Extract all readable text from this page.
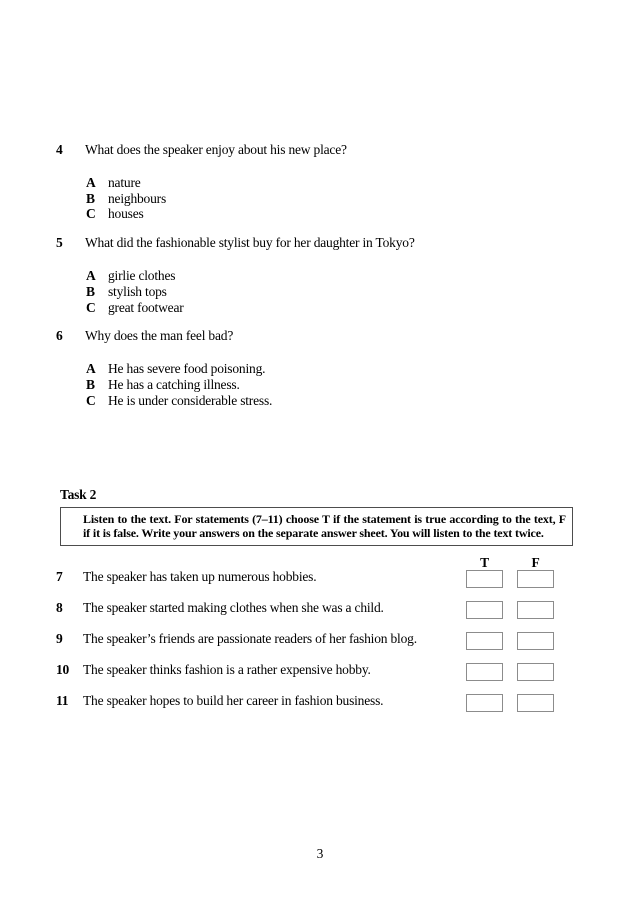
4	What does the speaker enjoy about his new place?
A nature
B neighbours
C houses
5	What did the fashionable stylist buy for her daughter in Tokyo?
A girlie clothes
B stylish tops
C great footwear
6	Why does the man feel bad?
A He has severe food poisoning.
B He has a catching illness.
C He is under considerable stress.
Task 2

Listen to the text. For statements (7–11) choose T if the statement is true according to the text, F if it is false. Write your answers on the separate answer sheet. You will listen to the text twice.

T	F
7	The speaker has taken up numerous hobbies.
8	The speaker started making clothes when she was a child.
9	The speaker’s friends are passionate readers of her fashion blog.
10	The speaker thinks fashion is a rather expensive hobby.
11	The speaker hopes to build her career in fashion business.
3
